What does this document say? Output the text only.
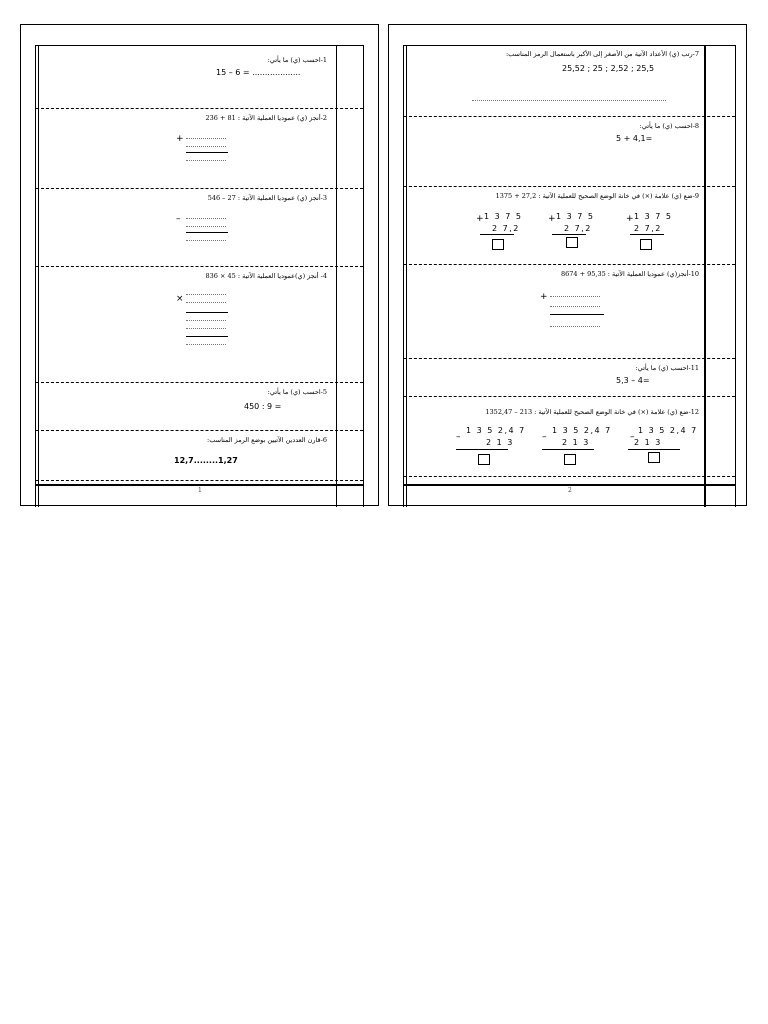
1-احسب (ي) ما يأتي:
15 – 6 = ...................
2-أنجز (ي) عموديا العملية الآتية : 81 + 236
+
3-أنجز (ي) عموديا العملية الآتية : 27 – 546
–
4- أنجز (ي)عموديا العملية الآتية : 45 × 836
×
5-احسب (ي) ما يأتي:
450 : 9 =
6-قارن العددين الآتيين بوضع الرمز المناسب:
12,7........1,27
1
7-رتب (ي) الأعداد الآتية من الأصغر إلى الأكبر باستعمال الرمز المناسب:
25,52 ; 25 ; 2,52 ; 25,5
8-احسب (ي) ما يأتي:
5 + 4,1=
9-ضع (ي) علامة (×) في خانة الوضع الصحيح للعملية الآتية : 27,2 + 1375
+ 1 3 7 5
2 7,2
+ 1 3 7 5
2 7,2
+ 1 3 7 5
2 7,2
10-أنجز(ي) عموديا العملية الآتية : 95,35 + 8674
+
11-احسب (ي) ما يأتي:
5,3 – 4=
12-ضع (ي) علامة (×) في خانة الوضع الصحيح للعملية الآتية : 213 – 1352,47
–
1 3 5 2,4 7
2 1 3
–
1 3 5 2,4 7
2 1 3
–
1 3 5 2,4 7
2 1 3
2
